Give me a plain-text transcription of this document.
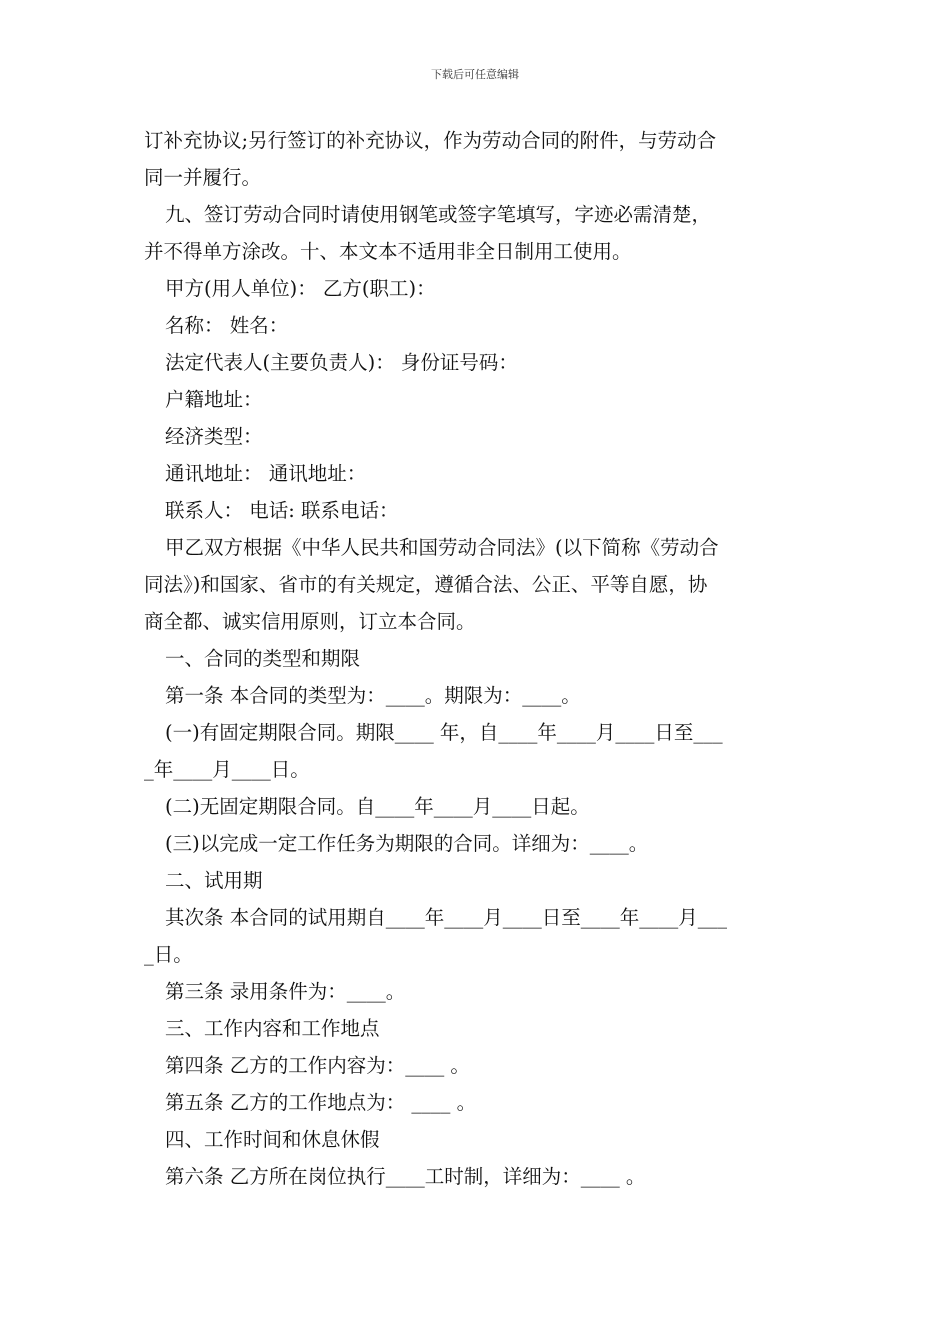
下载后可任意编辑
订补充协议;另行签订的补充协议，作为劳动合同的附件，与劳动合
同一并履行。
九、签订劳动合同时请使用钢笔或签字笔填写，字迹必需清楚，
并不得单方涂改。十、本文本不适用非全日制用工使用。
甲方(用人单位)： 乙方(职工)：
名称： 姓名：
法定代表人(主要负责人)： 身份证号码：
户籍地址：
经济类型：
通讯地址： 通讯地址：
联系人： 电话: 联系电话：
甲乙双方根据《中华人民共和国劳动合同法》(以下简称《劳动合
同法》)和国家、省市的有关规定，遵循合法、公正、平等自愿，协
商全都、诚实信用原则，订立本合同。
一、合同的类型和期限
第一条 本合同的类型为：____。期限为：____。
(一)有固定期限合同。期限____ 年，自____年____月____日至___
_年____月____日。
(二)无固定期限合同。自____年____月____日起。
(三)以完成一定工作任务为期限的合同。详细为：____。
二、试用期
其次条 本合同的试用期自____年____月____日至____年____月___
_日。
第三条 录用条件为：____。
三、工作内容和工作地点
第四条 乙方的工作内容为：____ 。
第五条 乙方的工作地点为： ____ 。
四、工作时间和休息休假
第六条 乙方所在岗位执行____工时制，详细为：____ 。
